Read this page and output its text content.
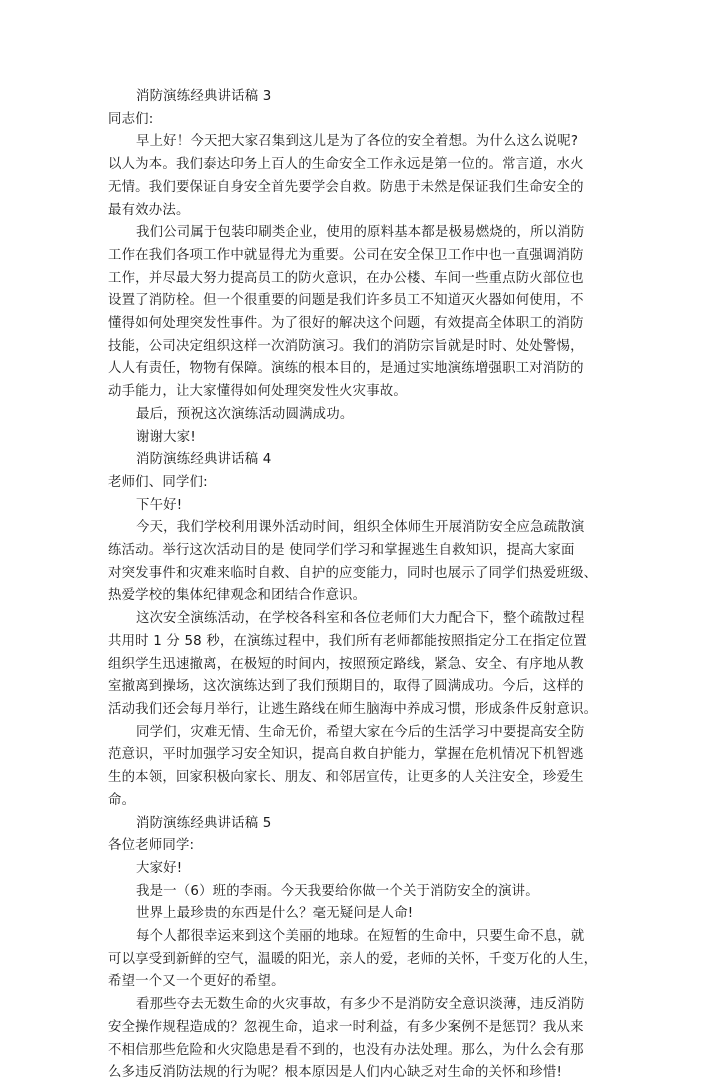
消防演练经典讲话稿 3
同志们:
早上好！今天把大家召集到这儿是为了各位的安全着想。为什么这么说呢?
以人为本。我们泰达印务上百人的生命安全工作永远是第一位的。常言道，水火
无情。我们要保证自身安全首先要学会自救。防患于未然是保证我们生命安全的
最有效办法。
我们公司属于包装印刷类企业，使用的原料基本都是极易燃烧的，所以消防
工作在我们各项工作中就显得尤为重要。公司在安全保卫工作中也一直强调消防
工作，并尽最大努力提高员工的防火意识，在办公楼、车间一些重点防火部位也
设置了消防栓。但一个很重要的问题是我们许多员工不知道灭火器如何使用，不
懂得如何处理突发性事件。为了很好的解决这个问题，有效提高全体职工的消防
技能，公司决定组织这样一次消防演习。我们的消防宗旨就是时时、处处警惕，
人人有责任，物物有保障。演练的根本目的，是通过实地演练增强职工对消防的
动手能力，让大家懂得如何处理突发性火灾事故。
最后，预祝这次演练活动圆满成功。
谢谢大家!
消防演练经典讲话稿 4
老师们、同学们:
下午好!
今天，我们学校利用课外活动时间，组织全体师生开展消防安全应急疏散演
练活动。举行这次活动目的是 使同学们学习和掌握逃生自救知识，提高大家面
对突发事件和灾难来临时自救、自护的应变能力，同时也展示了同学们热爱班级、
热爱学校的集体纪律观念和团结合作意识。
这次安全演练活动，在学校各科室和各位老师们大力配合下，整个疏散过程
共用时 1 分 58 秒，在演练过程中，我们所有老师都能按照指定分工在指定位置
组织学生迅速撤离，在极短的时间内，按照预定路线，紧急、安全、有序地从教
室撤离到操场，这次演练达到了我们预期目的，取得了圆满成功。今后，这样的
活动我们还会每月举行，让逃生路线在师生脑海中养成习惯，形成条件反射意识。
同学们，灾难无情、生命无价，希望大家在今后的生活学习中要提高安全防
范意识，平时加强学习安全知识，提高自救自护能力，掌握在危机情况下机智逃
生的本领，回家积极向家长、朋友、和邻居宣传，让更多的人关注安全，珍爱生
命。
消防演练经典讲话稿 5
各位老师同学:
大家好!
我是一（6）班的李雨。今天我要给你做一个关于消防安全的演讲。
世界上最珍贵的东西是什么？毫无疑问是人命!
每个人都很幸运来到这个美丽的地球。在短暂的生命中，只要生命不息，就
可以享受到新鲜的空气，温暖的阳光，亲人的爱，老师的关怀，千变万化的人生，
希望一个又一个更好的希望。
看那些夺去无数生命的火灾事故，有多少不是消防安全意识淡薄，违反消防
安全操作规程造成的？忽视生命，追求一时利益，有多少案例不是惩罚？我从来
不相信那些危险和火灾隐患是看不到的，也没有办法处理。那么，为什么会有那
么多违反消防法规的行为呢？根本原因是人们内心缺乏对生命的关怀和珍惜!
